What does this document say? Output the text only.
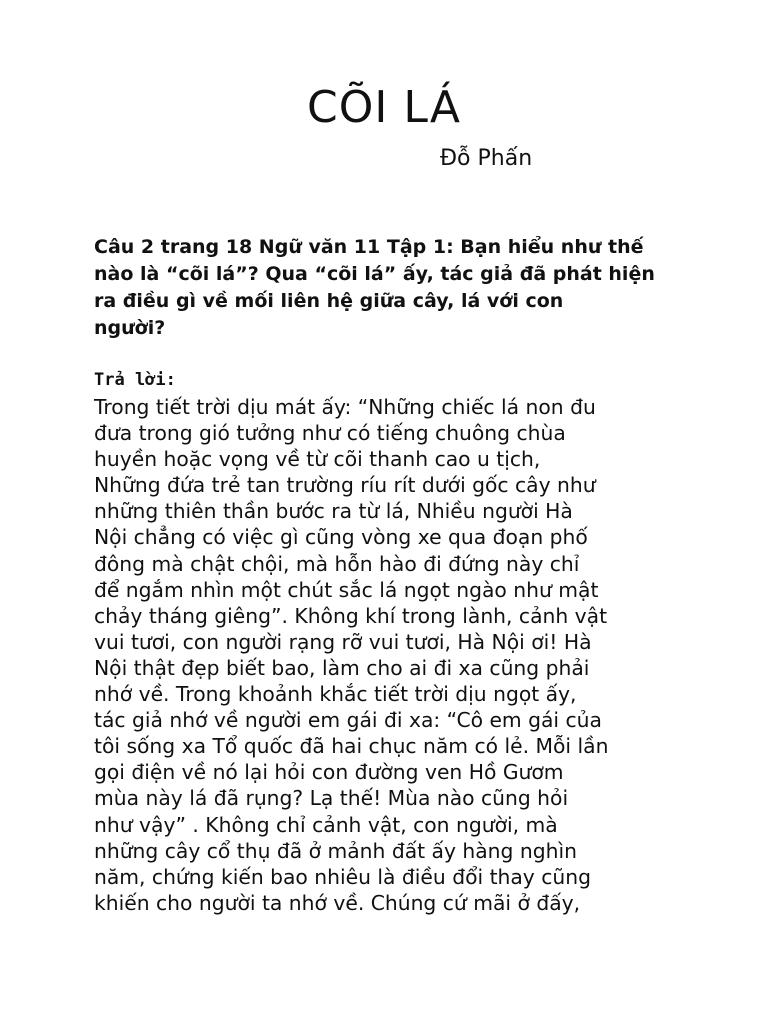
CÕI LÁ

Đỗ Phấn

Câu 2 trang 18 Ngữ văn 11 Tập 1: Bạn hiểu như thế
nào là “cõi lá”? Qua “cõi lá” ấy, tác giả đã phát hiện
ra điều gì về mối liên hệ giữa cây, lá với con
người?

Trả lời:

Trong tiết trời dịu mát ấy: “Những chiếc lá non đu
đưa trong gió tưởng như có tiếng chuông chùa
huyền hoặc vọng về từ cõi thanh cao u tịch,
Những đứa trẻ tan trường ríu rít dưới gốc cây như
những thiên thần bước ra từ lá, Nhiều người Hà
Nội chẳng có việc gì cũng vòng xe qua đoạn phố
đông mà chật chội, mà hỗn hào đi đứng này chỉ
để ngắm nhìn một chút sắc lá ngọt ngào như mật
chảy tháng giêng”. Không khí trong lành, cảnh vật
vui tươi, con người rạng rỡ vui tươi, Hà Nội ơi! Hà
Nội thật đẹp biết bao, làm cho ai đi xa cũng phải
nhớ về. Trong khoảnh khắc tiết trời dịu ngọt ấy,
tác giả nhớ về người em gái đi xa: “Cô em gái của
tôi sống xa Tổ quốc đã hai chục năm có lẻ. Mỗi lần
gọi điện về nó lại hỏi con đường ven Hồ Gươm
mùa này lá đã rụng? Lạ thế! Mùa nào cũng hỏi
như vậy” . Không chỉ cảnh vật, con người, mà
những cây cổ thụ đã ở mảnh đất ấy hàng nghìn
năm, chứng kiến bao nhiêu là điều đổi thay cũng
khiến cho người ta nhớ về. Chúng cứ mãi ở đấy,
